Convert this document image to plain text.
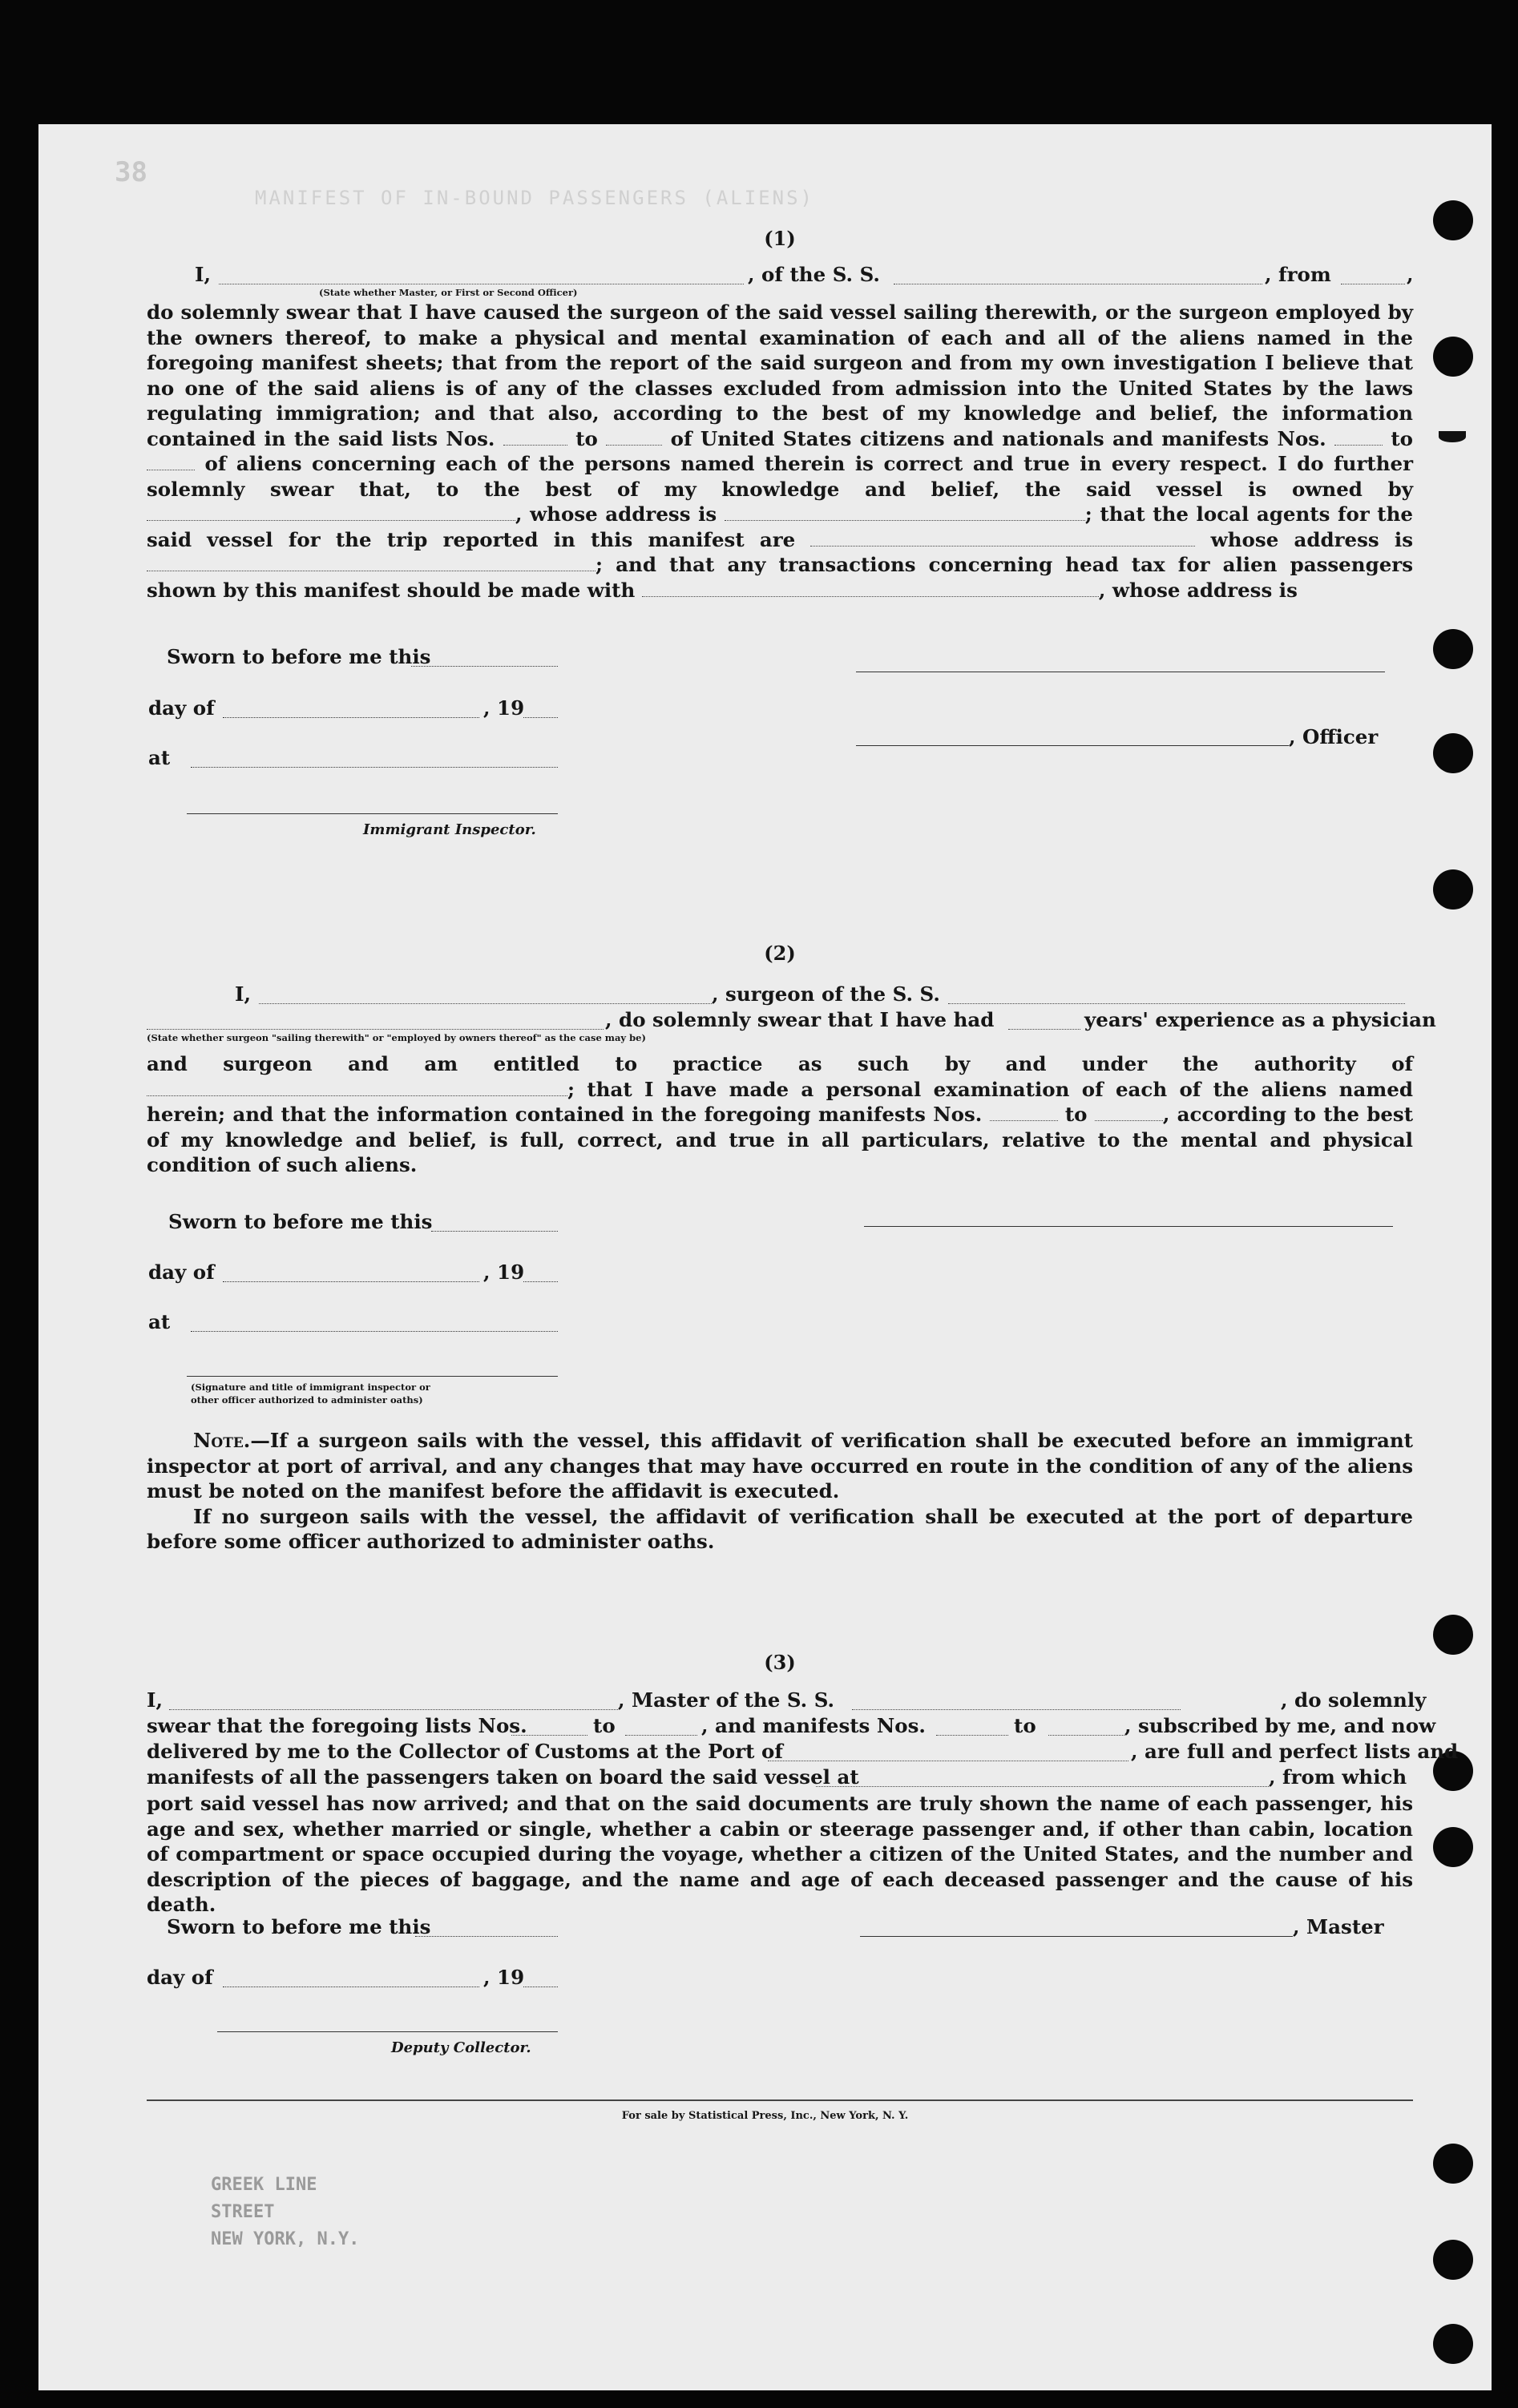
38
MANIFEST OF IN-BOUND PASSENGERS (ALIENS)

(1)

I,	, of the S. S.	, from	,
(State whether Master, or First or Second Officer)
do solemnly swear that I have caused the surgeon of the said vessel sailing therewith, or the surgeon employed by the owners thereof, to make a physical and mental examination of each and all of the aliens named in the foregoing manifest sheets; that from the report of the said surgeon and from my own investigation I believe that no one of the said aliens is of any of the classes excluded from admission into the United States by the laws regulating immigration; and that also, according to the best of my knowledge and belief, the information contained in the said lists Nos.	to	of United States citizens and nationals and manifests Nos.	to  of aliens concerning each of the persons named therein is correct and true in every respect. I do further solemnly swear that, to the best of my knowledge and belief, the said vessel is owned by , whose address is	; that the local agents for the said vessel for the trip reported in this manifest are	whose address is ; and that any transactions concerning head tax for alien passengers shown by this manifest should be made with	, whose address is
Sworn to before me this
day of	, 19
, Officer
at
Immigrant Inspector.

(2)

I,	, surgeon of the S. S.
, do solemnly swear that I have had	years' experience as a physician
(State whether surgeon "sailing therewith" or "employed by owners thereof" as the case may be)
and surgeon and am entitled to practice as such by and under the authority of ; that I have made a personal examination of each of the aliens named herein; and that the information contained in the foregoing manifests Nos.	to	, according to the best of my knowledge and belief, is full, correct, and true in all particulars, relative to the mental and physical condition of such aliens.
Sworn to before me this
day of	, 19
at
(Signature and title of immigrant inspector or
other officer authorized to administer oaths)
Note.—If a surgeon sails with the vessel, this affidavit of verification shall be executed before an immigrant inspector at port of arrival, and any changes that may have occurred en route in the condition of any of the aliens must be noted on the manifest before the affidavit is executed.
If no surgeon sails with the vessel, the affidavit of verification shall be executed at the port of departure before some officer authorized to administer oaths.

(3)

I,	, Master of the S. S.	, do solemnly
swear that the foregoing lists Nos.	to	, and manifests Nos.	to	, subscribed by me, and now
delivered by me to the Collector of Customs at the Port of	, are full and perfect lists and
manifests of all the passengers taken on board the said vessel at	, from which
port said vessel has now arrived; and that on the said documents are truly shown the name of each passenger, his age and sex, whether married or single, whether a cabin or steerage passenger and, if other than cabin, location of compartment or space occupied during the voyage, whether a citizen of the United States, and the number and description of the pieces of baggage, and the name and age of each deceased passenger and the cause of his death.
Sworn to before me this	, Master
day of	, 19
Deputy Collector.
For sale by Statistical Press, Inc., New York, N. Y.
GREEK LINE
STREET
NEW YORK, N.Y.
